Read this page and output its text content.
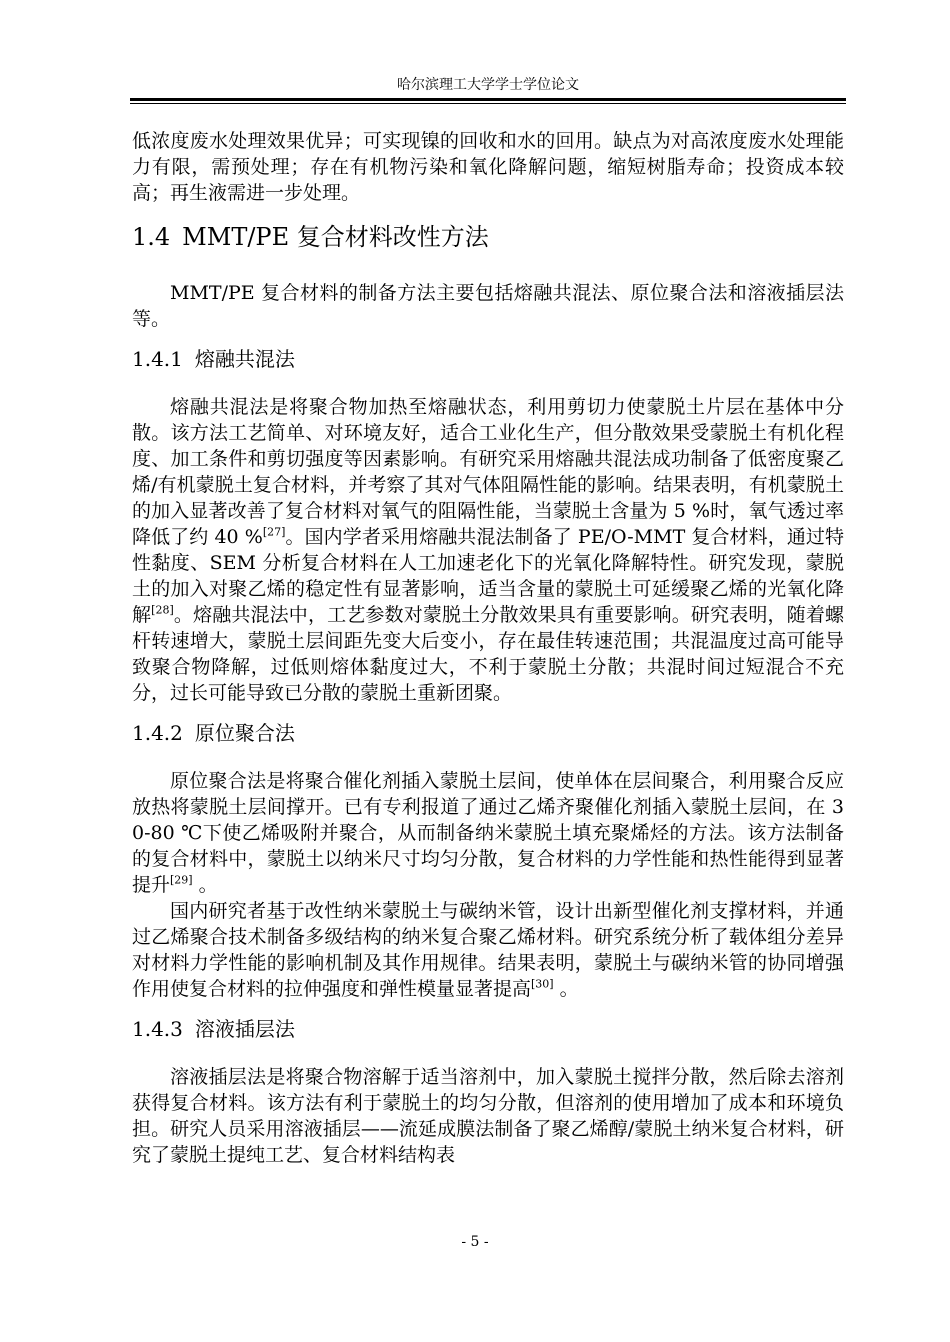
哈尔滨理工大学学士学位论文

低浓度废水处理效果优异；可实现镍的回收和水的回用。缺点为对高浓度废水处理能力有限，需预处理；存在有机物污染和氧化降解问题，缩短树脂寿命；投资成本较高；再生液需进一步处理。

1.4 MMT/PE 复合材料改性方法

MMT/PE 复合材料的制备方法主要包括熔融共混法、原位聚合法和溶液插层法等。

1.4.1 熔融共混法

熔融共混法是将聚合物加热至熔融状态，利用剪切力使蒙脱土片层在基体中分散。该方法工艺简单、对环境友好，适合工业化生产，但分散效果受蒙脱土有机化程度、加工条件和剪切强度等因素影响。有研究采用熔融共混法成功制备了低密度聚乙烯/有机蒙脱土复合材料，并考察了其对气体阻隔性能的影响。结果表明，有机蒙脱土的加入显著改善了复合材料对氧气的阻隔性能，当蒙脱土含量为 5 %时，氧气透过率降低了约 40 %[27]。国内学者采用熔融共混法制备了 PE/O-MMT 复合材料，通过特性黏度、SEM 分析复合材料在人工加速老化下的光氧化降解特性。研究发现，蒙脱土的加入对聚乙烯的稳定性有显著影响，适当含量的蒙脱土可延缓聚乙烯的光氧化降解[28]。熔融共混法中，工艺参数对蒙脱土分散效果具有重要影响。研究表明，随着螺杆转速增大，蒙脱土层间距先变大后变小，存在最佳转速范围；共混温度过高可能导致聚合物降解，过低则熔体黏度过大，不利于蒙脱土分散；共混时间过短混合不充分，过长可能导致已分散的蒙脱土重新团聚。

1.4.2 原位聚合法

原位聚合法是将聚合催化剂插入蒙脱土层间，使单体在层间聚合，利用聚合反应放热将蒙脱土层间撑开。已有专利报道了通过乙烯齐聚催化剂插入蒙脱土层间，在 30-80 ℃下使乙烯吸附并聚合，从而制备纳米蒙脱土填充聚烯烃的方法。该方法制备的复合材料中，蒙脱土以纳米尺寸均匀分散，复合材料的力学性能和热性能得到显著提升[29] 。

国内研究者基于改性纳米蒙脱土与碳纳米管，设计出新型催化剂支撑材料，并通过乙烯聚合技术制备多级结构的纳米复合聚乙烯材料。研究系统分析了载体组分差异对材料力学性能的影响机制及其作用规律。结果表明，蒙脱土与碳纳米管的协同增强作用使复合材料的拉伸强度和弹性模量显著提高[30] 。

1.4.3 溶液插层法

溶液插层法是将聚合物溶解于适当溶剂中，加入蒙脱土搅拌分散，然后除去溶剂获得复合材料。该方法有利于蒙脱土的均匀分散，但溶剂的使用增加了成本和环境负担。研究人员采用溶液插层——流延成膜法制备了聚乙烯醇/蒙脱土纳米复合材料，研究了蒙脱土提纯工艺、复合材料结构表

- 5 -
